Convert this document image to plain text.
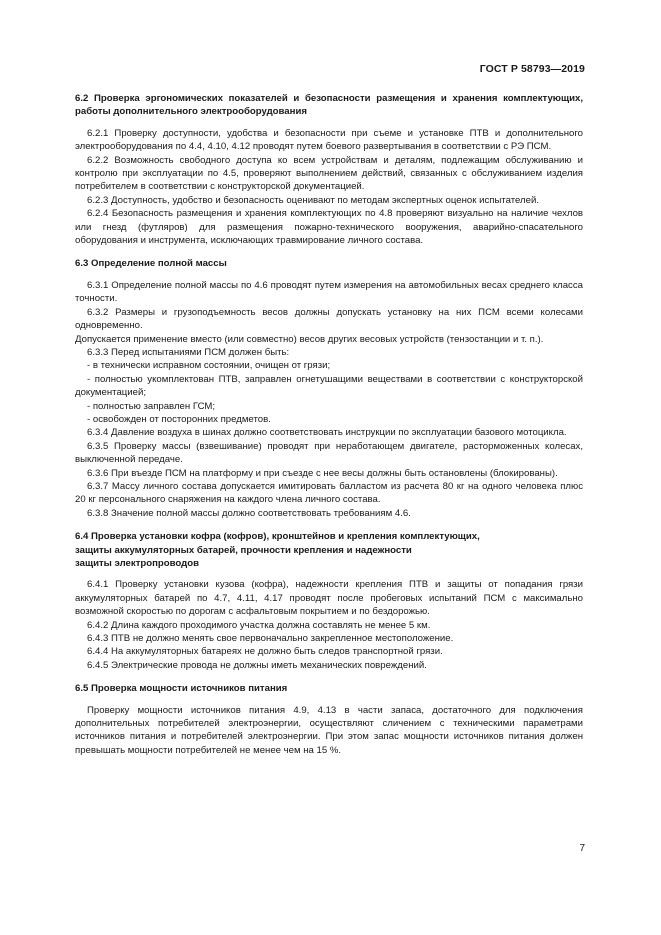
ГОСТ Р 58793—2019

6.2 Проверка эргономических показателей и безопасности размещения и хранения комплектующих, работы дополнительного электрооборудования

6.2.1 Проверку доступности, удобства и безопасности при съеме и установке ПТВ и дополнительного электрооборудования по 4.4, 4.10, 4.12 проводят путем боевого развертывания в соответствии с РЭ ПСМ.

6.2.2 Возможность свободного доступа ко всем устройствам и деталям, подлежащим обслуживанию и контролю при эксплуатации по 4.5, проверяют выполнением действий, связанных с обслуживанием изделия потребителем в соответствии с конструкторской документацией.

6.2.3 Доступность, удобство и безопасность оценивают по методам экспертных оценок испытателей.

6.2.4 Безопасность размещения и хранения комплектующих по 4.8 проверяют визуально на наличие чехлов или гнезд (футляров) для размещения пожарно-технического вооружения, аварийно-спасательного оборудования и инструмента, исключающих травмирование личного состава.

6.3 Определение полной массы

6.3.1 Определение полной массы по 4.6 проводят путем измерения на автомобильных весах среднего класса точности.

6.3.2 Размеры и грузоподъемность весов должны допускать установку на них ПСМ всеми колесами одновременно.

Допускается применение вместо (или совместно) весов других весовых устройств (тензостанции и т. п.).

6.3.3 Перед испытаниями ПСМ должен быть:

- в технически исправном состоянии, очищен от грязи;

- полностью укомплектован ПТВ, заправлен огнетушащими веществами в соответствии с конструкторской документацией;

- полностью заправлен ГСМ;

- освобожден от посторонних предметов.

6.3.4 Давление воздуха в шинах должно соответствовать инструкции по эксплуатации базового мотоцикла.

6.3.5 Проверку массы (взвешивание) проводят при неработающем двигателе, расторможенных колесах, выключенной передаче.

6.3.6 При въезде ПСМ на платформу и при съезде с нее весы должны быть остановлены (блокированы).

6.3.7 Массу личного состава допускается имитировать балластом из расчета 80 кг на одного человека плюс 20 кг персонального снаряжения на каждого члена личного состава.

6.3.8 Значение полной массы должно соответствовать требованиям 4.6.

6.4 Проверка установки кофра (кофров), кронштейнов и крепления комплектующих,
защиты аккумуляторных батарей, прочности крепления и надежности
защиты электропроводов

6.4.1 Проверку установки кузова (кофра), надежности крепления ПТВ и защиты от попадания грязи аккумуляторных батарей по 4.7, 4.11, 4.17 проводят после пробеговых испытаний ПСМ с максимально возможной скоростью по дорогам с асфальтовым покрытием и по бездорожью.

6.4.2 Длина каждого проходимого участка должна составлять не менее 5 км.

6.4.3 ПТВ не должно менять свое первоначально закрепленное местоположение.

6.4.4 На аккумуляторных батареях не должно быть следов транспортной грязи.

6.4.5 Электрические провода не должны иметь механических повреждений.

6.5 Проверка мощности источников питания

Проверку мощности источников питания 4.9, 4.13 в части запаса, достаточного для подключения дополнительных потребителей электроэнергии, осуществляют сличением с техническими параметрами источников питания и потребителей электроэнергии. При этом запас мощности источников питания должен превышать мощности потребителей не менее чем на 15 %.

7
